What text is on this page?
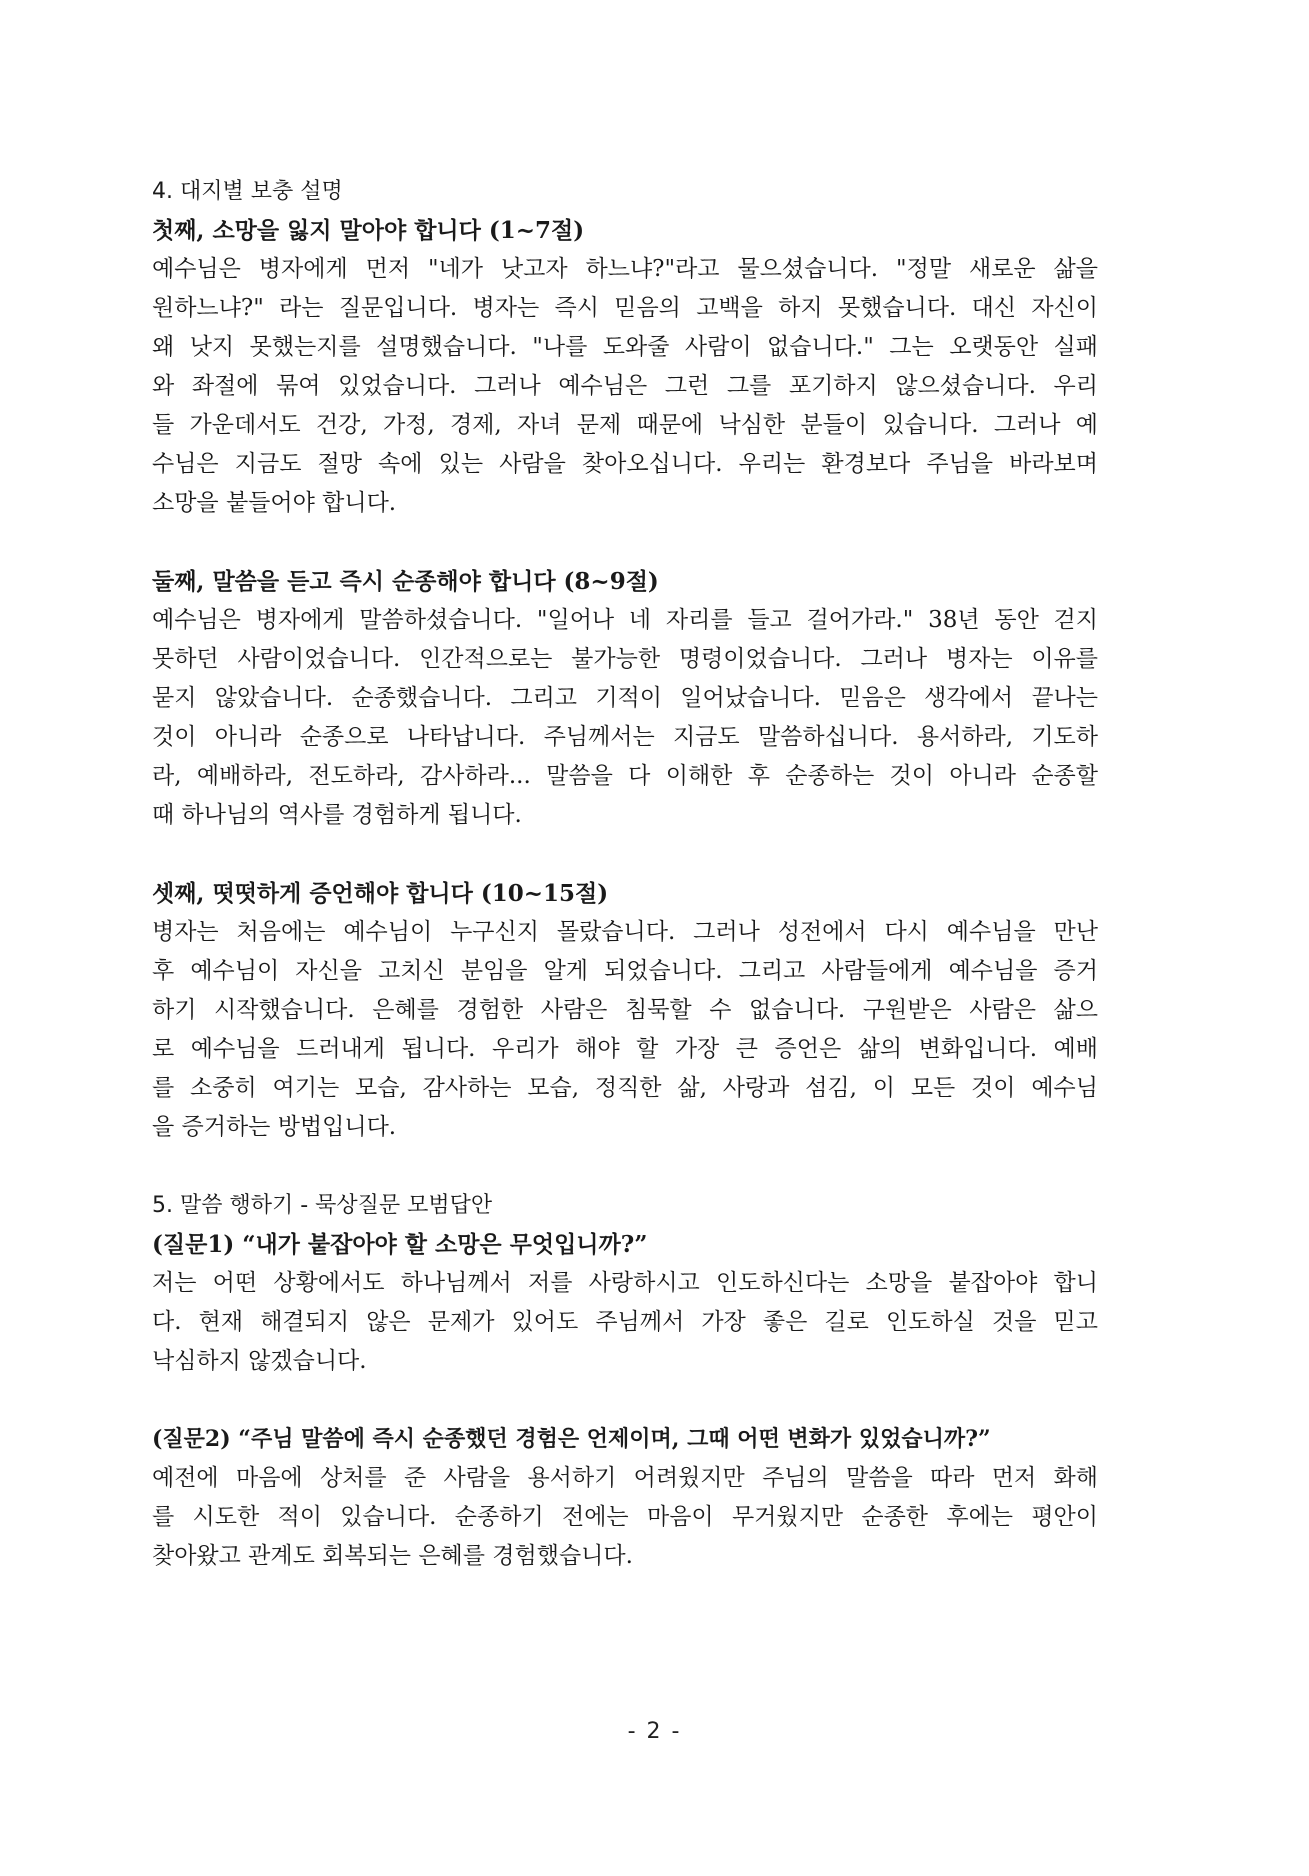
4. 대지별 보충 설명
첫째, 소망을 잃지 말아야 합니다 (1~7절)
예수님은 병자에게 먼저 "네가 낫고자 하느냐?"라고 물으셨습니다. "정말 새로운 삶을
원하느냐?" 라는 질문입니다. 병자는 즉시 믿음의 고백을 하지 못했습니다. 대신 자신이
왜 낫지 못했는지를 설명했습니다. "나를 도와줄 사람이 없습니다." 그는 오랫동안 실패
와 좌절에 묶여 있었습니다. 그러나 예수님은 그런 그를 포기하지 않으셨습니다. 우리
들 가운데서도 건강, 가정, 경제, 자녀 문제 때문에 낙심한 분들이 있습니다. 그러나 예
수님은 지금도 절망 속에 있는 사람을 찾아오십니다. 우리는 환경보다 주님을 바라보며
소망을 붙들어야 합니다.
둘째, 말씀을 듣고 즉시 순종해야 합니다 (8~9절)
예수님은 병자에게 말씀하셨습니다. "일어나 네 자리를 들고 걸어가라." 38년 동안 걷지
못하던 사람이었습니다. 인간적으로는 불가능한 명령이었습니다. 그러나 병자는 이유를
묻지 않았습니다. 순종했습니다. 그리고 기적이 일어났습니다. 믿음은 생각에서 끝나는
것이 아니라 순종으로 나타납니다. 주님께서는 지금도 말씀하십니다. 용서하라, 기도하
라, 예배하라, 전도하라, 감사하라... 말씀을 다 이해한 후 순종하는 것이 아니라 순종할
때 하나님의 역사를 경험하게 됩니다.
셋째, 떳떳하게 증언해야 합니다 (10~15절)
병자는 처음에는 예수님이 누구신지 몰랐습니다. 그러나 성전에서 다시 예수님을 만난
후 예수님이 자신을 고치신 분임을 알게 되었습니다. 그리고 사람들에게 예수님을 증거
하기 시작했습니다. 은혜를 경험한 사람은 침묵할 수 없습니다. 구원받은 사람은 삶으
로 예수님을 드러내게 됩니다. 우리가 해야 할 가장 큰 증언은 삶의 변화입니다. 예배
를 소중히 여기는 모습, 감사하는 모습, 정직한 삶, 사랑과 섬김, 이 모든 것이 예수님
을 증거하는 방법입니다.
5. 말씀 행하기 - 묵상질문 모범답안
(질문1) “내가 붙잡아야 할 소망은 무엇입니까?”
저는 어떤 상황에서도 하나님께서 저를 사랑하시고 인도하신다는 소망을 붙잡아야 합니
다. 현재 해결되지 않은 문제가 있어도 주님께서 가장 좋은 길로 인도하실 것을 믿고
낙심하지 않겠습니다.
(질문2) “주님 말씀에 즉시 순종했던 경험은 언제이며, 그때 어떤 변화가 있었습니까?”
예전에 마음에 상처를 준 사람을 용서하기 어려웠지만 주님의 말씀을 따라 먼저 화해
를 시도한 적이 있습니다. 순종하기 전에는 마음이 무거웠지만 순종한 후에는 평안이
찾아왔고 관계도 회복되는 은혜를 경험했습니다.
- 2 -
